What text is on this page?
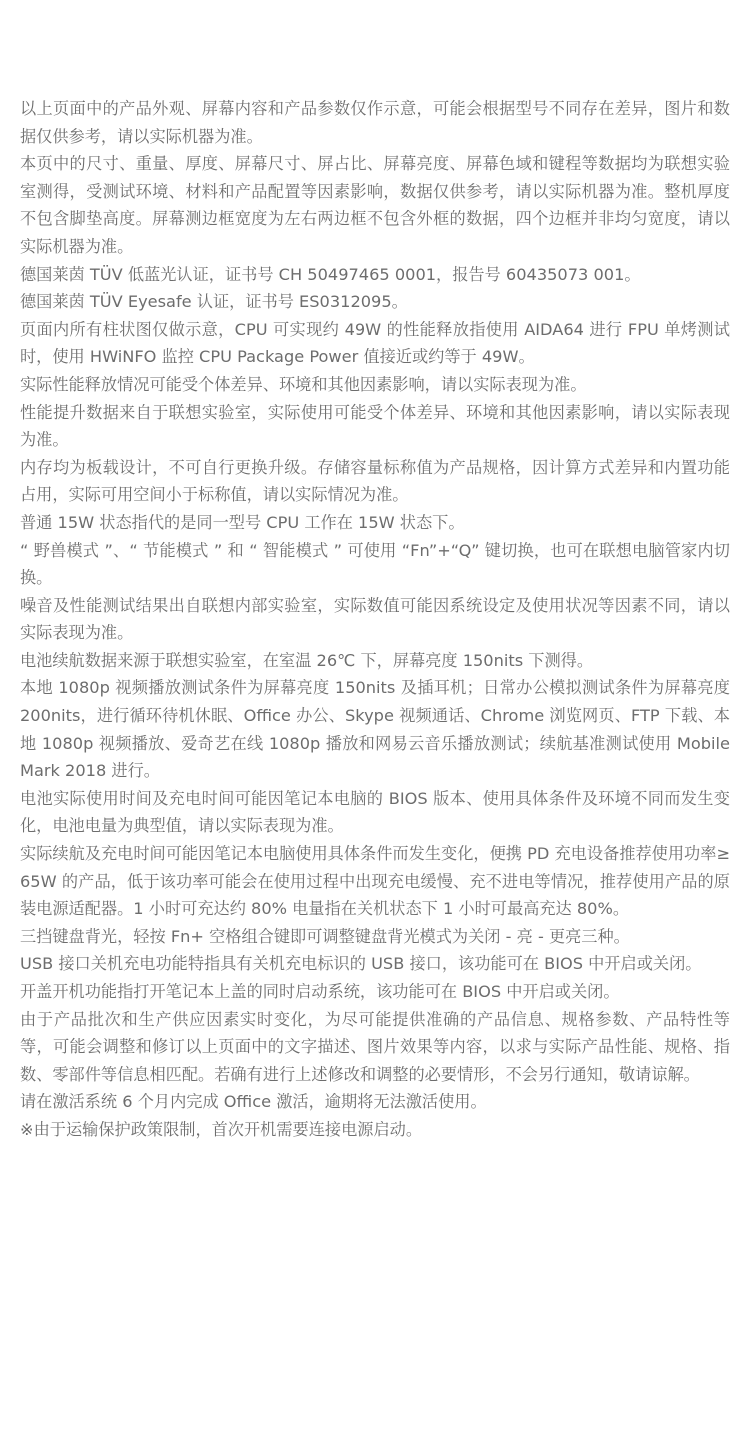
以上页面中的产品外观、屏幕内容和产品参数仅作示意，可能会根据型号不同存在差异，图片和数据仅供参考，请以实际机器为准。

本页中的尺寸、重量、厚度、屏幕尺寸、屏占比、屏幕亮度、屏幕色域和键程等数据均为联想实验室测得，受测试环境、材料和产品配置等因素影响，数据仅供参考，请以实际机器为准。整机厚度不包含脚垫高度。屏幕测边框宽度为左右两边框不包含外框的数据，四个边框并非均匀宽度，请以实际机器为准。

德国莱茵 TÜV 低蓝光认证，证书号 CH 50497465 0001，报告号 60435073 001。

德国莱茵 TÜV Eyesafe 认证，证书号 ES0312095。

页面内所有柱状图仅做示意，CPU 可实现约 49W 的性能释放指使用 AIDA64 进行 FPU 单烤测试时，使用 HWiNFO 监控 CPU Package Power 值接近或约等于 49W。

实际性能释放情况可能受个体差异、环境和其他因素影响，请以实际表现为准。

性能提升数据来自于联想实验室，实际使用可能受个体差异、环境和其他因素影响，请以实际表现为准。

内存均为板载设计，不可自行更换升级。存储容量标称值为产品规格，因计算方式差异和内置功能占用，实际可用空间小于标称值，请以实际情况为准。

普通 15W 状态指代的是同一型号 CPU 工作在 15W 状态下。

“ 野兽模式 ”、“ 节能模式 ” 和 “ 智能模式 ” 可使用 “Fn”+“Q” 键切换，也可在联想电脑管家内切换。

噪音及性能测试结果出自联想内部实验室，实际数值可能因系统设定及使用状况等因素不同，请以实际表现为准。

电池续航数据来源于联想实验室，在室温 26℃ 下，屏幕亮度 150nits 下测得。

本地 1080p 视频播放测试条件为屏幕亮度 150nits 及插耳机；日常办公模拟测试条件为屏幕亮度 200nits，进行循环待机休眠、Office 办公、Skype 视频通话、Chrome 浏览网页、FTP 下载、本地 1080p 视频播放、爱奇艺在线 1080p 播放和网易云音乐播放测试；续航基准测试使用 MobileMark 2018 进行。

电池实际使用时间及充电时间可能因笔记本电脑的 BIOS 版本、使用具体条件及环境不同而发生变化，电池电量为典型值，请以实际表现为准。

实际续航及充电时间可能因笔记本电脑使用具体条件而发生变化，便携 PD 充电设备推荐使用功率≥65W 的产品，低于该功率可能会在使用过程中出现充电缓慢、充不进电等情况，推荐使用产品的原装电源适配器。1 小时可充达约 80% 电量指在关机状态下 1 小时可最高充达 80%。

三挡键盘背光，轻按 Fn+ 空格组合键即可调整键盘背光模式为关闭 - 亮 - 更亮三种。

USB 接口关机充电功能特指具有关机充电标识的 USB 接口，该功能可在 BIOS 中开启或关闭。

开盖开机功能指打开笔记本上盖的同时启动系统，该功能可在 BIOS 中开启或关闭。

由于产品批次和生产供应因素实时变化，为尽可能提供准确的产品信息、规格参数、产品特性等等，可能会调整和修订以上页面中的文字描述、图片效果等内容，以求与实际产品性能、规格、指数、零部件等信息相匹配。若确有进行上述修改和调整的必要情形，不会另行通知，敬请谅解。

请在激活系统 6 个月内完成 Office 激活，逾期将无法激活使用。

※由于运输保护政策限制，首次开机需要连接电源启动。
